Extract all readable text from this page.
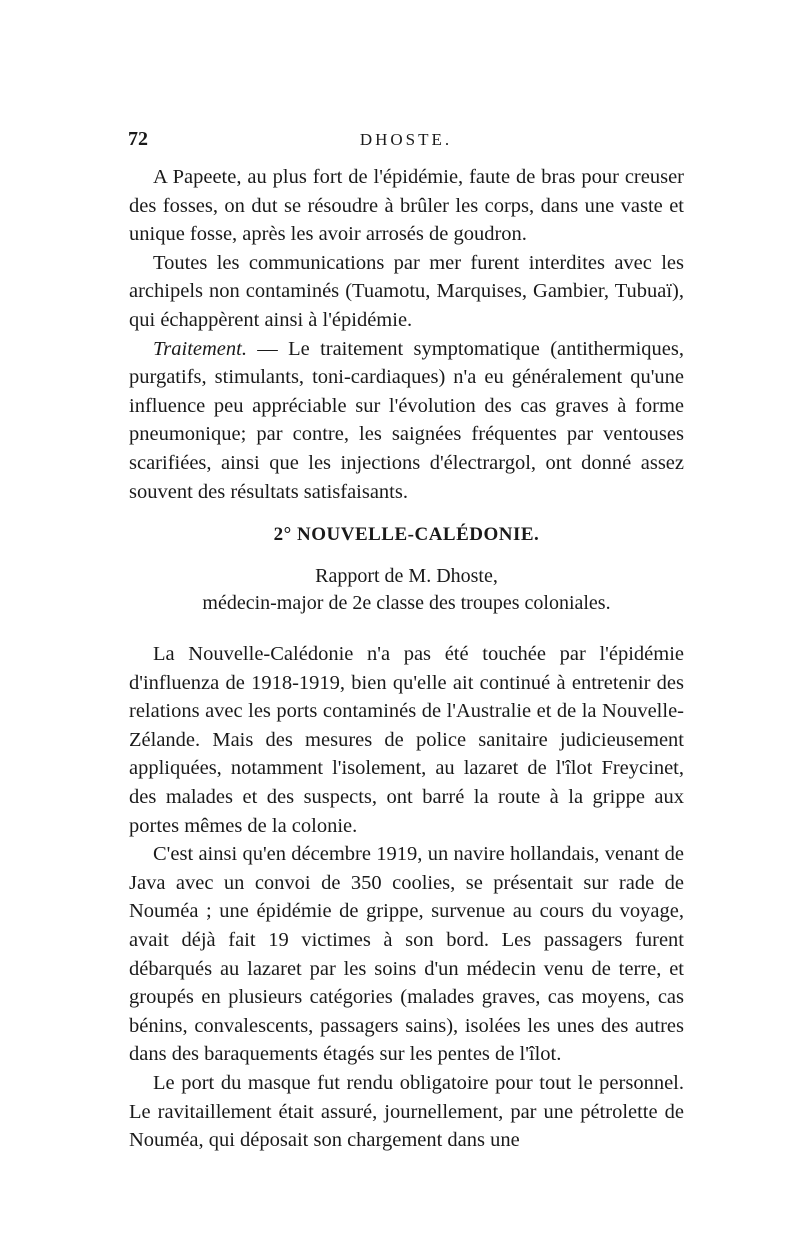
72	DHOSTE.

A Papeete, au plus fort de l'épidémie, faute de bras pour creuser des fosses, on dut se résoudre à brûler les corps, dans une vaste et unique fosse, après les avoir arrosés de goudron.

Toutes les communications par mer furent interdites avec les archipels non contaminés (Tuamotu, Marquises, Gambier, Tubuaï), qui échappèrent ainsi à l'épidémie.

Traitement. — Le traitement symptomatique (antithermiques, purgatifs, stimulants, toni-cardiaques) n'a eu généralement qu'une influence peu appréciable sur l'évolution des cas graves à forme pneumonique; par contre, les saignées fréquentes par ventouses scarifiées, ainsi que les injections d'électrargol, ont donné assez souvent des résultats satisfaisants.

2° NOUVELLE-CALÉDONIE.
Rapport de M. Dhoste,
médecin-major de 2e classe des troupes coloniales.

La Nouvelle-Calédonie n'a pas été touchée par l'épidémie d'influenza de 1918-1919, bien qu'elle ait continué à entretenir des relations avec les ports contaminés de l'Australie et de la Nouvelle-Zélande. Mais des mesures de police sanitaire judicieusement appliquées, notamment l'isolement, au lazaret de l'îlot Freycinet, des malades et des suspects, ont barré la route à la grippe aux portes mêmes de la colonie.

C'est ainsi qu'en décembre 1919, un navire hollandais, venant de Java avec un convoi de 350 coolies, se présentait sur rade de Nouméa ; une épidémie de grippe, survenue au cours du voyage, avait déjà fait 19 victimes à son bord. Les passagers furent débarqués au lazaret par les soins d'un médecin venu de terre, et groupés en plusieurs catégories (malades graves, cas moyens, cas bénins, convalescents, passagers sains), isolées les unes des autres dans des baraquements étagés sur les pentes de l'îlot.

Le port du masque fut rendu obligatoire pour tout le personnel. Le ravitaillement était assuré, journellement, par une pétrolette de Nouméa, qui déposait son chargement dans une
